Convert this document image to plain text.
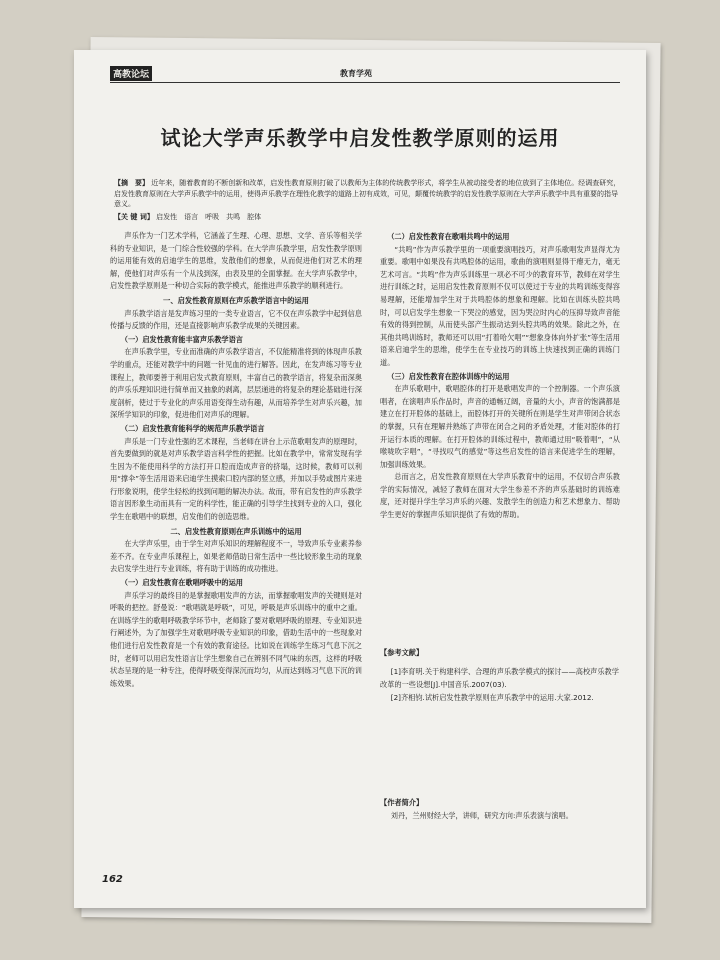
高教论坛	教育学苑
试论大学声乐教学中启发性教学原则的运用
【摘　要】 近年来，随着教育的不断创新和改革，启发性教育原则打破了以教师为主体的传统教学形式，将学生从被动接受者的地位放到了主体地位。经调查研究，启发性教育原则在大学声乐教学中的运用，使得声乐教学在理性化教学的道路上初有成效，可见，颠覆传统教学的启发性教学原则在大学声乐教学中具有重要的指导意义。
【关 键 词】 启发性　语言　呼吸　共鸣　腔体

声乐作为一门艺术学科，它涵盖了生理、心理、思想、文学、音乐等相关学科的专业知识，是一门综合性较强的学科。在大学声乐教学里，启发性教学原则的运用能有效的启迪学生的思维，发散他们的想象，从而促进他们对艺术的理解，使他们对声乐有一个从浅到深，由表及里的全面掌握。在大学声乐教学中，启发性教学原则是一种切合实际的教学模式，能推进声乐教学的顺利进行。

一、启发性教育原则在声乐教学语言中的运用

声乐教学语言是发声练习里的一类专业语言，它不仅在声乐教学中起到信息传播与反馈的作用，还是直接影响声乐教学成果的关键因素。

（一）启发性教育能丰富声乐教学语言

在声乐教学里，专业而准确的声乐教学语言，不仅能精准将到的体现声乐教学的重点，还能对教学中的问题一针见血的进行解答。因此，在发声练习等专业课程上，教师要善于利用启发式教育原则，丰富自己的教学语言，将复杂而深奥的声乐乐理知识进行简单而又抽象的剥离，层层递进的将复杂的理论基础进行深度剖析，使过于专业化的声乐用语变得生动有趣，从而培养学生对声乐兴趣，加深所学知识的印象，促进他们对声乐的理解。

（二）启发性教育能科学的规范声乐教学语言

声乐是一门专业性强的艺术课程，当老师在讲台上示范歌唱发声的原理时，首先要做到的就是对声乐教学语言科学性的把握。比如在教学中，常常发现有学生因为不能使用科学的方法打开口腔而造成声音的挤塌，这时候，教师可以利用“撑伞”等生活用语来启迪学生摸索口腔内部的竖立感，并加以手势或图片来进行形象说明，使学生轻松的找到问题的解决办法。故而，带有启发性的声乐教学语言因形象生动而具有一定的科学性，能正确的引导学生找到专业的入口，强化学生在歌唱中的联想，启发他们的创造思维。

二、启发性教育原则在声乐训练中的运用

在大学声乐里，由于学生对声乐知识的理解程度不一，导致声乐专业素养参差不齐。在专业声乐课程上，如果老师借助日常生活中一些比较形象生动的现象去启发学生进行专业训练，将有助于训练的成功推进。

（一）启发性教育在歌唱呼吸中的运用

声乐学习的最终目的是掌握歌唱发声的方法，而掌握歌唱发声的关键则是对呼吸的把控。舒曼说：“歌唱就是呼吸”，可见，呼吸是声乐训练中的重中之重。在训练学生的歌唱呼吸教学环节中，老师除了要对歌唱呼吸的原理、专业知识进行阐述外，为了加强学生对歌唱呼吸专业知识的印象，借助生活中的一些现象对他们进行启发性教育是一个有效的教育途径。比如说在训练学生练习气息下沉之时，老师可以用启发性语言让学生想象自己在辨别不同气味的东西，这样的呼吸状态呈现的是一种专注，使得呼吸变得深沉而均匀，从而达到练习气息下沉的训练效果。

（二）启发性教育在歌唱共鸣中的运用

“共鸣”作为声乐教学里的一项重要演唱技巧，对声乐歌唱发声显得尤为重要。歌唱中如果没有共鸣腔体的运用，歌曲的演唱则显得干瘪无力，毫无艺术可言。“共鸣”作为声乐训练里一项必不可少的教育环节，教师在对学生进行训练之时，运用启发性教育原则不仅可以使过于专业的共鸣训练变得容易理解，还能增加学生对于共鸣腔体的想象和理解。比如在训练头腔共鸣时，可以启发学生想象一下哭泣的感觉，因为哭泣时内心的压抑导致声音能有效的得到控制，从而使头部产生振动达到头腔共鸣的效果。除此之外，在其他共鸣训练时，教师还可以用“打着哈欠唱”“想象身体向外扩张”等生活用语来启迪学生的思维，使学生在专业技巧的训练上快速找到正确的训练门道。

（三）启发性教育在腔体训练中的运用

在声乐歌唱中，歌唱腔体的打开是歌唱发声的一个控制器。一个声乐演唱者，在演唱声乐作品时，声音的通畅辽阔，音量的大小，声音的饱满都是建立在打开腔体的基础上，而腔体打开的关键所在则是学生对声带闭合状态的掌握，只有在理解并熟练了声带在闭合之间的矛盾处理，才能对腔体的打开运行本质的理解。在打开腔体的训练过程中，教师通过用“吸着唱”，“从喉咙吹字唱”，“寻找叹气的感觉”等这些启发性的语言来促进学生的理解，加强训练效果。

总而言之，启发性教育原则在大学声乐教育中的运用，不仅切合声乐教学的实际情况，减轻了教师在面对大学生参差不齐的声乐基础时的训练难度，还对提升学生学习声乐的兴趣、发散学生的创造力和艺术想象力、帮助学生更好的掌握声乐知识提供了有效的帮助。

【参考文献】

[1]李育明.关于构建科学、合理的声乐教学模式的探讨——高校声乐教学改革的一些设想[J].中国音乐.2007(03).

[2]齐相钧.试析启发性教学原则在声乐教学中的运用.大家.2012.

【作者简介】

刘丹，兰州财经大学，讲师，研究方向:声乐表演与演唱。

162
